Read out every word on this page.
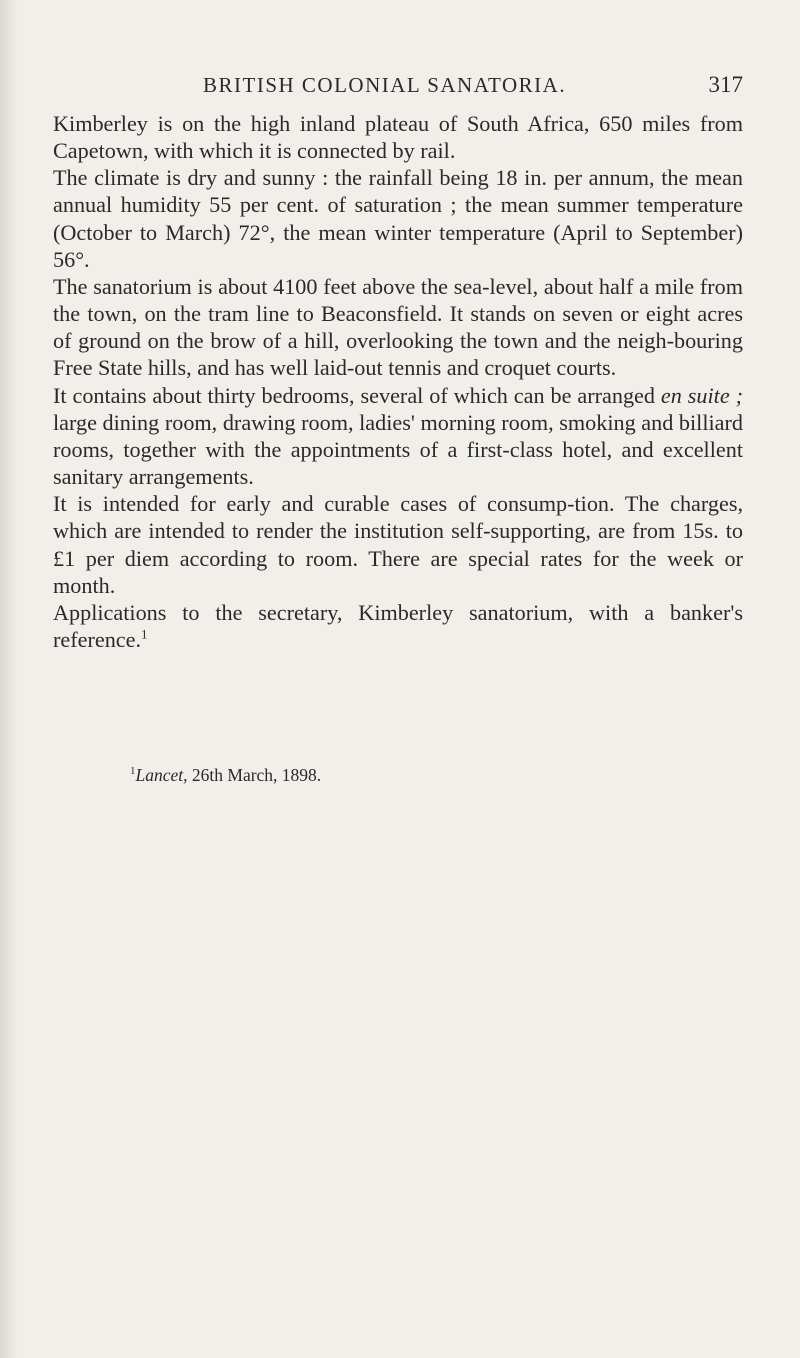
BRITISH COLONIAL SANATORIA.	317

Kimberley is on the high inland plateau of South Africa, 650 miles from Capetown, with which it is connected by rail.

The climate is dry and sunny : the rainfall being 18 in. per annum, the mean annual humidity 55 per cent. of saturation ; the mean summer temperature (October to March) 72°, the mean winter temperature (April to September) 56°.

The sanatorium is about 4100 feet above the sea-level, about half a mile from the town, on the tram line to Beaconsfield. It stands on seven or eight acres of ground on the brow of a hill, overlooking the town and the neigh-bouring Free State hills, and has well laid-out tennis and croquet courts.

It contains about thirty bedrooms, several of which can be arranged en suite ; large dining room, drawing room, ladies' morning room, smoking and billiard rooms, together with the appointments of a first-class hotel, and excellent sanitary arrangements.

It is intended for early and curable cases of consump-tion. The charges, which are intended to render the institution self-supporting, are from 15s. to £1 per diem according to room. There are special rates for the week or month.

Applications to the secretary, Kimberley sanatorium, with a banker's reference.$^1$

$^1$Lancet, 26th March, 1898.
